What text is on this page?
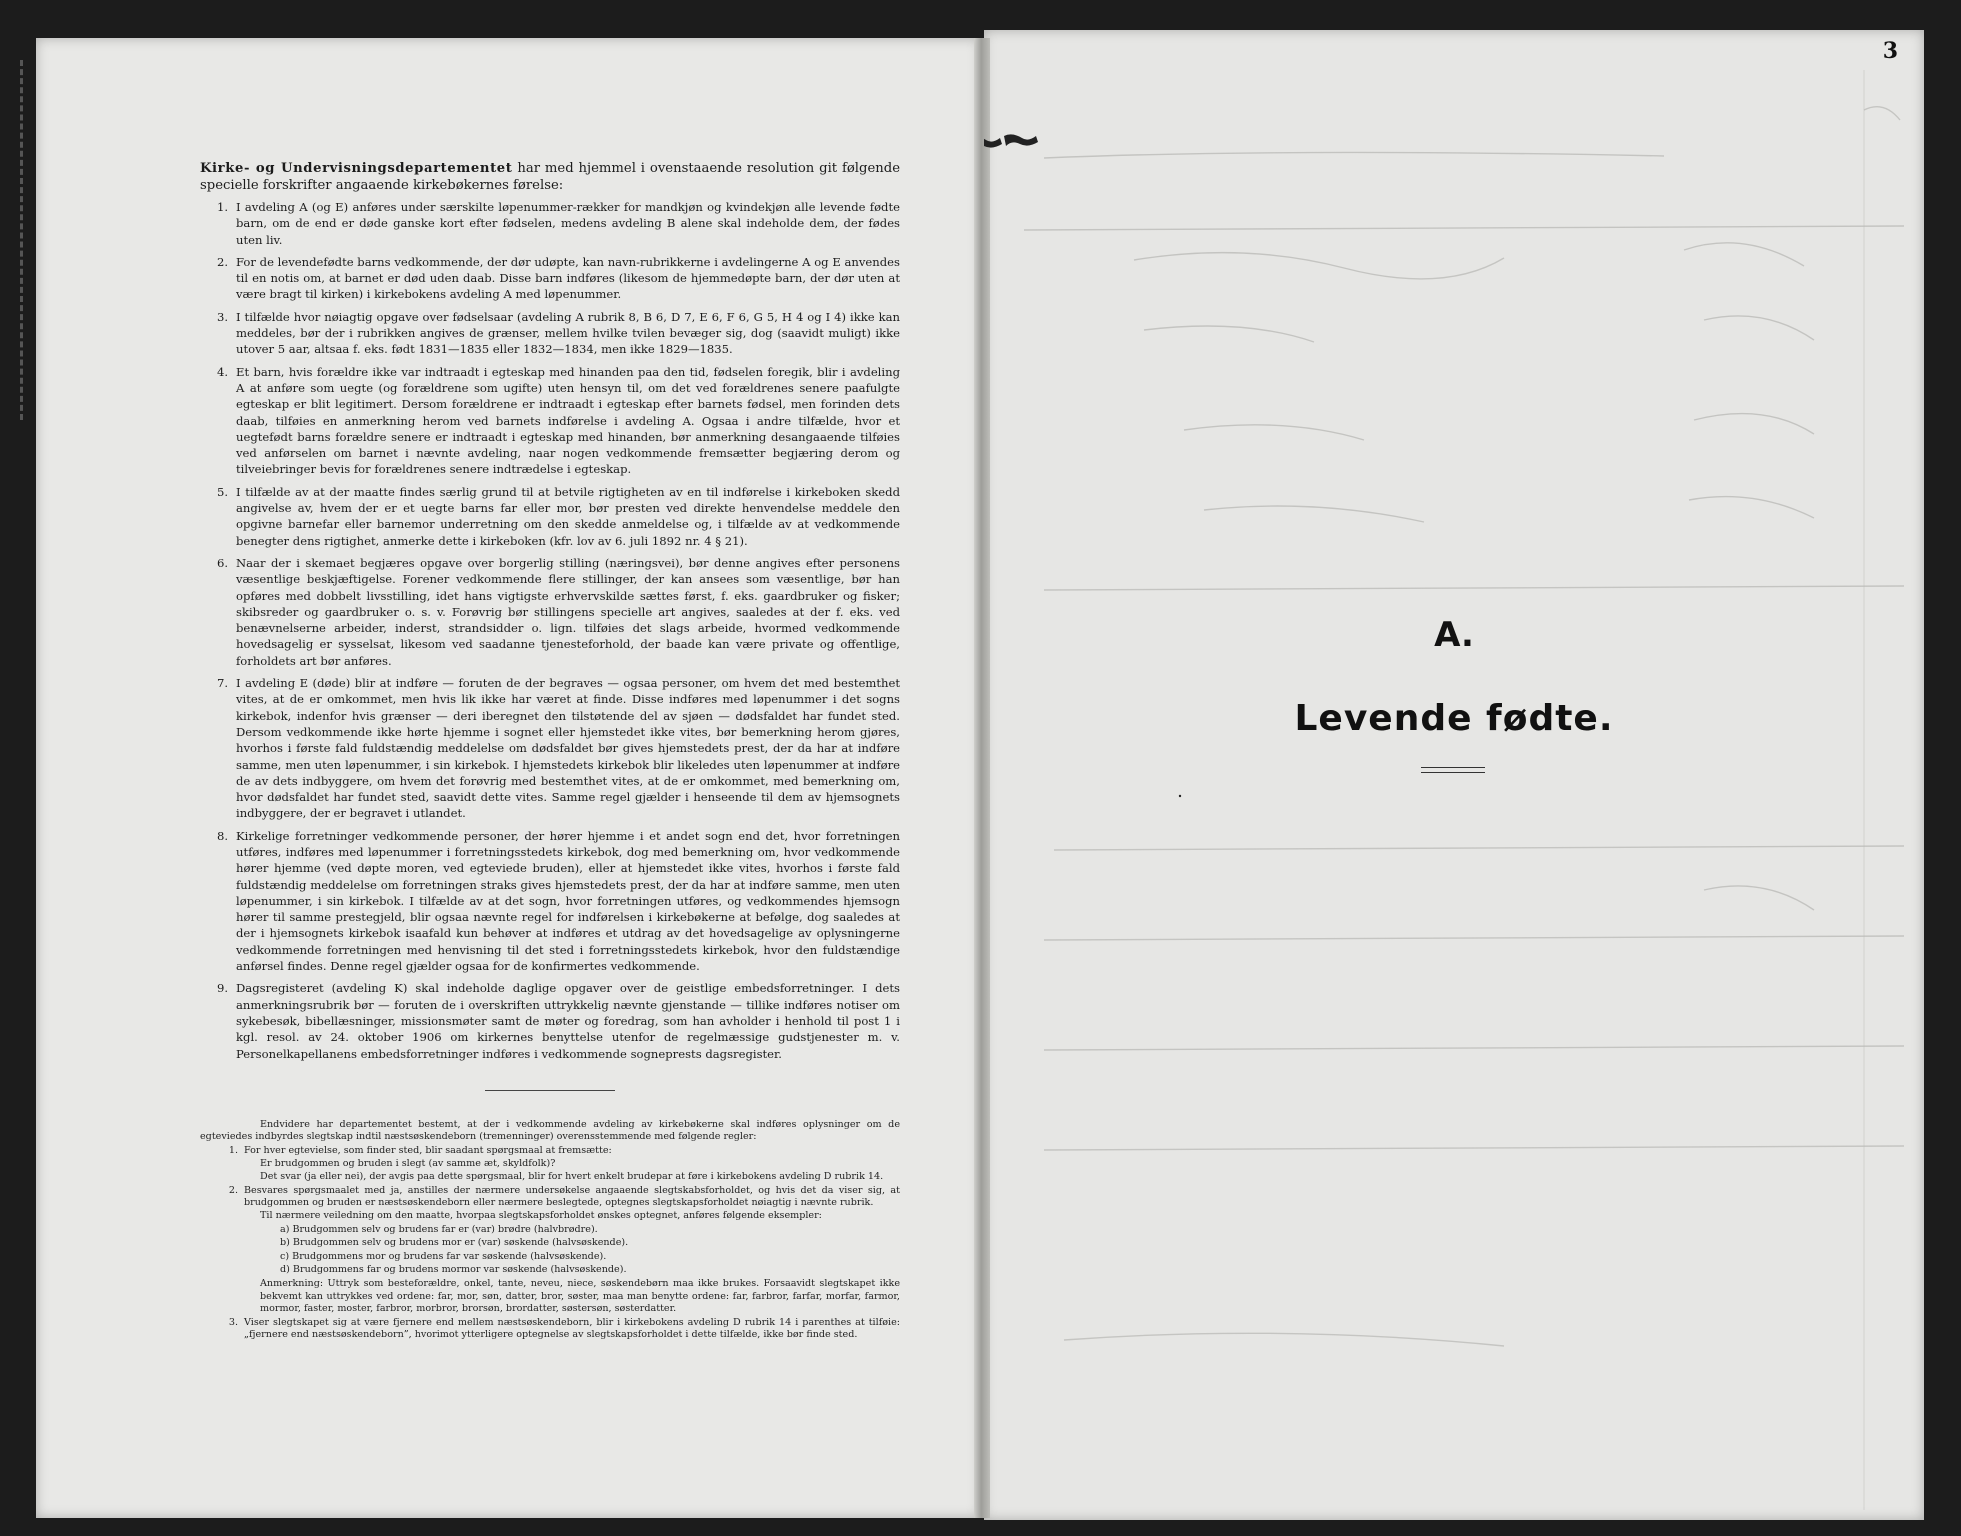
Kirke- og Undervisningsdepartementet har med hjemmel i ovenstaaende resolution git følgende specielle forskrifter angaaende kirkebøkernes førelse:

1. I avdeling A (og E) anføres under særskilte løpenummer-rækker for mandkjøn og kvindekjøn alle levende fødte barn, om de end er døde ganske kort efter fødselen, medens avdeling B alene skal indeholde dem, der fødes uten liv.
2. For de levendefødte barns vedkommende, der dør udøpte, kan navn-rubrikkerne i avdelingerne A og E anvendes til en notis om, at barnet er død uden daab. Disse barn indføres (likesom de hjemmedøpte barn, der dør uten at være bragt til kirken) i kirkebokens avdeling A med løpenummer.
3. I tilfælde hvor nøiagtig opgave over fødselsaar (avdeling A rubrik 8, B 6, D 7, E 6, F 6, G 5, H 4 og I 4) ikke kan meddeles, bør der i rubrikken angives de grænser, mellem hvilke tvilen bevæger sig, dog (saavidt muligt) ikke utover 5 aar, altsaa f. eks. født 1831—1835 eller 1832—1834, men ikke 1829—1835.
4. Et barn, hvis forældre ikke var indtraadt i egteskap med hinanden paa den tid, fødselen foregik, blir i avdeling A at anføre som uegte (og forældrene som ugifte) uten hensyn til, om det ved forældrenes senere paafulgte egteskap er blit legitimert. Dersom forældrene er indtraadt i egteskap efter barnets fødsel, men forinden dets daab, tilføies en anmerkning herom ved barnets indførelse i avdeling A. Ogsaa i andre tilfælde, hvor et uegtefødt barns forældre senere er indtraadt i egteskap med hinanden, bør anmerkning desangaaende tilføies ved anførselen om barnet i nævnte avdeling, naar nogen vedkommende fremsætter begjæring derom og tilveiebringer bevis for forældrenes senere indtrædelse i egteskap.
5. I tilfælde av at der maatte findes særlig grund til at betvile rigtigheten av en til indførelse i kirkeboken skedd angivelse av, hvem der er et uegte barns far eller mor, bør presten ved direkte henvendelse meddele den opgivne barnefar eller barnemor underretning om den skedde anmeldelse og, i tilfælde av at vedkommende benegter dens rigtighet, anmerke dette i kirkeboken (kfr. lov av 6. juli 1892 nr. 4 § 21).
6. Naar der i skemaet begjæres opgave over borgerlig stilling (næringsvei), bør denne angives efter personens væsentlige beskjæftigelse. Forener vedkommende flere stillinger, der kan ansees som væsentlige, bør han opføres med dobbelt livsstilling, idet hans vigtigste erhvervskilde sættes først, f. eks. gaardbruker og fisker; skibsreder og gaardbruker o. s. v. Forøvrig bør stillingens specielle art angives, saaledes at der f. eks. ved benævnelserne arbeider, inderst, strandsidder o. lign. tilføies det slags arbeide, hvormed vedkommende hovedsagelig er sysselsat, likesom ved saadanne tjenesteforhold, der baade kan være private og offentlige, forholdets art bør anføres.
7. I avdeling E (døde) blir at indføre — foruten de der begraves — ogsaa personer, om hvem det med bestemthet vites, at de er omkommet, men hvis lik ikke har været at finde. Disse indføres med løpenummer i det sogns kirkebok, indenfor hvis grænser — deri iberegnet den tilstøtende del av sjøen — dødsfaldet har fundet sted. Dersom vedkommende ikke hørte hjemme i sognet eller hjemstedet ikke vites, bør bemerkning herom gjøres, hvorhos i første fald fuldstændig meddelelse om dødsfaldet bør gives hjemstedets prest, der da har at indføre samme, men uten løpenummer, i sin kirkebok. I hjemstedets kirkebok blir likeledes uten løpenummer at indføre de av dets indbyggere, om hvem det forøvrig med bestemthet vites, at de er omkommet, med bemerkning om, hvor dødsfaldet har fundet sted, saavidt dette vites. Samme regel gjælder i henseende til dem av hjemsognets indbyggere, der er begravet i utlandet.
8. Kirkelige forretninger vedkommende personer, der hører hjemme i et andet sogn end det, hvor forretningen utføres, indføres med løpenummer i forretningsstedets kirkebok, dog med bemerkning om, hvor vedkommende hører hjemme (ved døpte moren, ved egteviede bruden), eller at hjemstedet ikke vites, hvorhos i første fald fuldstændig meddelelse om forretningen straks gives hjemstedets prest, der da har at indføre samme, men uten løpenummer, i sin kirkebok. I tilfælde av at det sogn, hvor forretningen utføres, og vedkommendes hjemsogn hører til samme prestegjeld, blir ogsaa nævnte regel for indførelsen i kirkebøkerne at befølge, dog saaledes at der i hjemsognets kirkebok isaafald kun behøver at indføres et utdrag av det hovedsagelige av oplysningerne vedkommende forretningen med henvisning til det sted i forretningsstedets kirkebok, hvor den fuldstændige anførsel findes. Denne regel gjælder ogsaa for de konfirmertes vedkommende.
9. Dagsregisteret (avdeling K) skal indeholde daglige opgaver over de geistlige embedsforretninger. I dets anmerkningsrubrik bør — foruten de i overskriften uttrykkelig nævnte gjenstande — tillike indføres notiser om sykebesøk, bibellæsninger, missionsmøter samt de møter og foredrag, som han avholder i henhold til post 1 i kgl. resol. av 24. oktober 1906 om kirkernes benyttelse utenfor de regelmæssige gudstjenester m. v. Personelkapellanens embedsforretninger indføres i vedkommende sogneprests dagsregister.

Endvidere har departementet bestemt, at der i vedkommende avdeling av kirkebøkerne skal indføres oplysninger om de egteviedes indbyrdes slegtskap indtil næstsøskendeborn (tremenninger) overensstemmende med følgende regler:

1. For hver egtevielse, som finder sted, blir saadant spørgsmaal at fremsætte:

Er brudgommen og bruden i slegt (av samme æt, skyldfolk)?

Det svar (ja eller nei), der avgis paa dette spørgsmaal, blir for hvert enkelt brudepar at føre i kirkebokens avdeling D rubrik 14.

2. Besvares spørgsmaalet med ja, anstilles der nærmere undersøkelse angaaende slegtskabsforholdet, og hvis det da viser sig, at brudgommen og bruden er næstsøskendeborn eller nærmere beslegtede, optegnes slegtskapsforholdet nøiagtig i nævnte rubrik.

Til nærmere veiledning om den maatte, hvorpaa slegtskapsforholdet ønskes optegnet, anføres følgende eksempler:

a) Brudgommen selv og brudens far er (var) brødre (halvbrødre).

b) Brudgommen selv og brudens mor er (var) søskende (halvsøskende).

c) Brudgommens mor og brudens far var søskende (halvsøskende).

d) Brudgommens far og brudens mormor var søskende (halvsøskende).

Anmerkning: Uttryk som besteforældre, onkel, tante, neveu, niece, søskendebørn maa ikke brukes. Forsaavidt slegtskapet ikke bekvemt kan uttrykkes ved ordene: far, mor, søn, datter, bror, søster, maa man benytte ordene: far, farbror, farfar, morfar, farmor, mormor, faster, moster, farbror, morbror, brorsøn, brordatter, søstersøn, søsterdatter.

3. Viser slegtskapet sig at være fjernere end mellem næstsøskendeborn, blir i kirkebokens avdeling D rubrik 14 i parenthes at tilføie: „fjernere end næstsøskendeborn”, hvorimot ytterligere optegnelse av slegtskapsforholdet i dette tilfælde, ikke bør finde sted.
3
A.
Levende fødte.
